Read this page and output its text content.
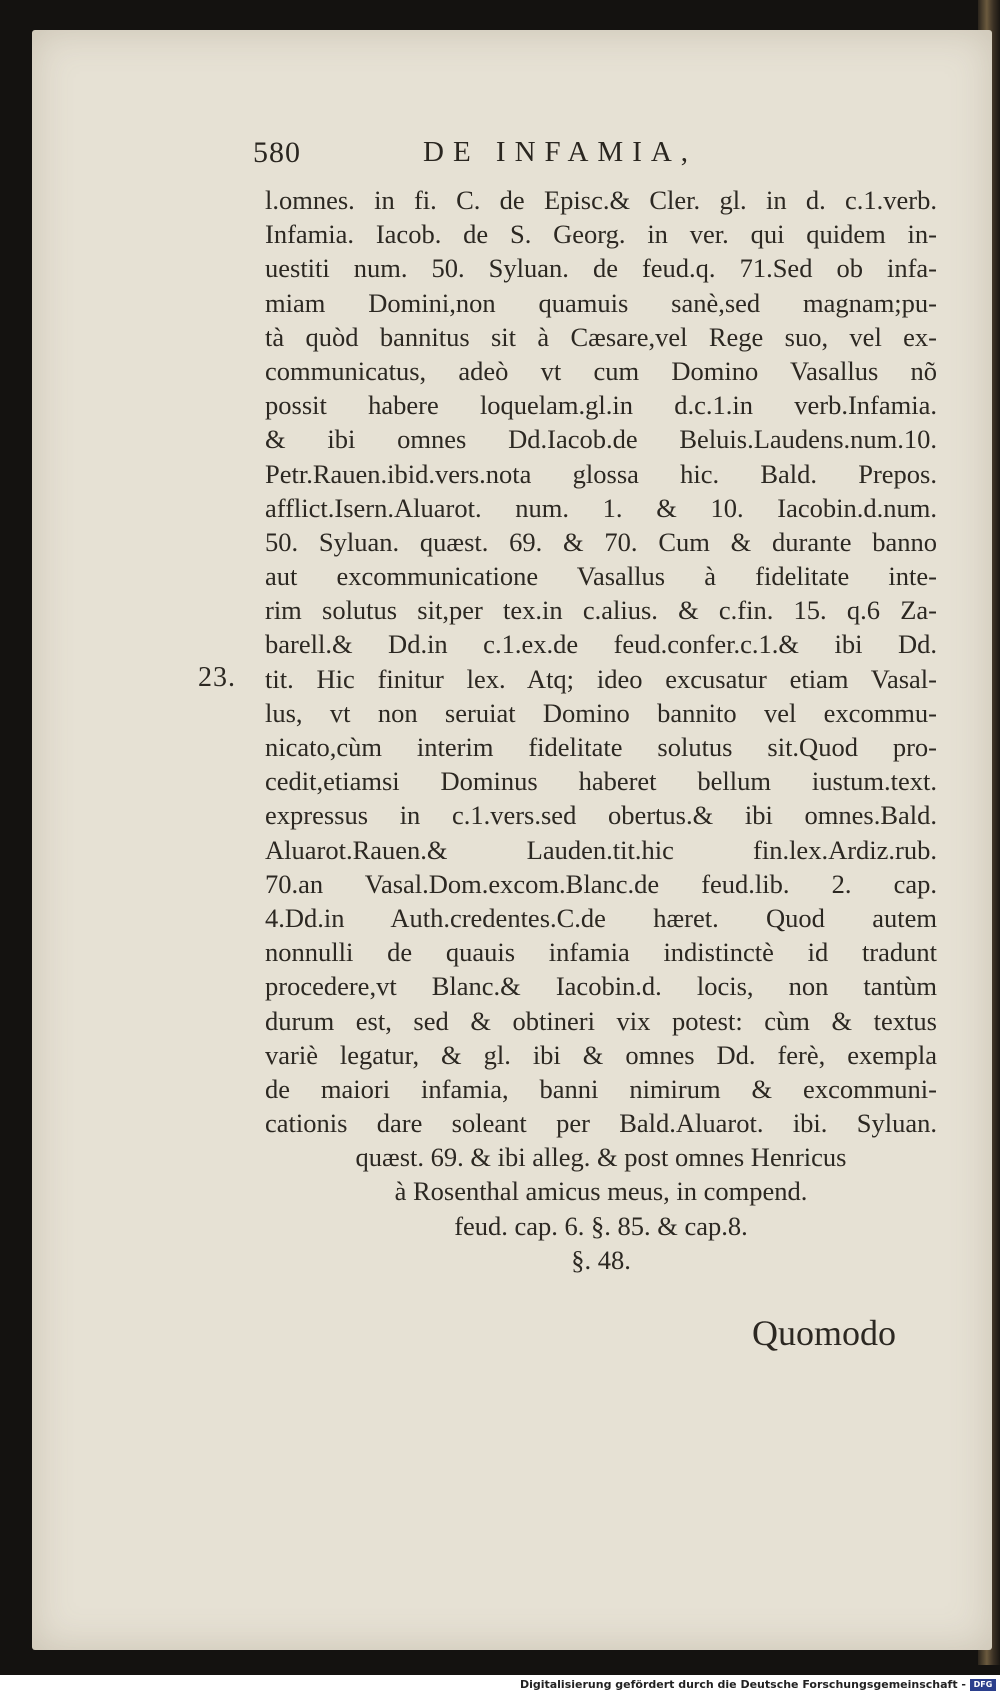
580	DE INFAMIA,
23.
l.omnes. in fi. C. de Episc.& Cler. gl. in d. c.1.verb.
Infamia. Iacob. de S. Georg. in ver. qui quidem in-
uestiti num. 50. Syluan. de feud.q. 71.Sed ob infa-
miam Domini,non quamuis sanè,sed magnam;pu-
tà quòd bannitus sit à Cæsare,vel Rege suo, vel ex-
communicatus, adeò vt cum Domino Vasallus nõ
possit habere loquelam.gl.in d.c.1.in verb.Infamia.
& ibi omnes Dd.Iacob.de Beluis.Laudens.num.10.
Petr.Rauen.ibid.vers.nota glossa hic. Bald. Prepos.
afflict.Isern.Aluarot. num. 1. & 10. Iacobin.d.num.
50. Syluan. quæst. 69. & 70. Cum & durante banno
aut excommunicatione Vasallus à fidelitate inte-
rim solutus sit,per tex.in c.alius. & c.fin. 15. q.6 Za-
barell.& Dd.in c.1.ex.de feud.confer.c.1.& ibi Dd.
tit. Hic finitur lex. Atq; ideo excusatur etiam Vasal-
lus, vt non seruiat Domino bannito vel excommu-
nicato,cùm interim fidelitate solutus sit.Quod pro-
cedit,etiamsi Dominus haberet bellum iustum.text.
expressus in c.1.vers.sed obertus.& ibi omnes.Bald.
Aluarot.Rauen.& Lauden.tit.hic fin.lex.Ardiz.rub.
70.an Vasal.Dom.excom.Blanc.de feud.lib. 2. cap.
4.Dd.in Auth.credentes.C.de hæret. Quod autem
nonnulli de quauis infamia indistinctè id tradunt
procedere,vt Blanc.& Iacobin.d. locis, non tantùm
durum est, sed & obtineri vix potest: cùm & textus
variè legatur, & gl. ibi & omnes Dd. ferè, exempla
de maiori infamia, banni nimirum & excommuni-
cationis dare soleant per Bald.Aluarot. ibi. Syluan.
quæst. 69. & ibi alleg. & post omnes Henricus
à Rosenthal amicus meus, in compend.
feud. cap. 6. §. 85. & cap.8.
§. 48.
Quomodo
Digitalisierung gefördert durch die Deutsche Forschungsgemeinschaft - DFG
